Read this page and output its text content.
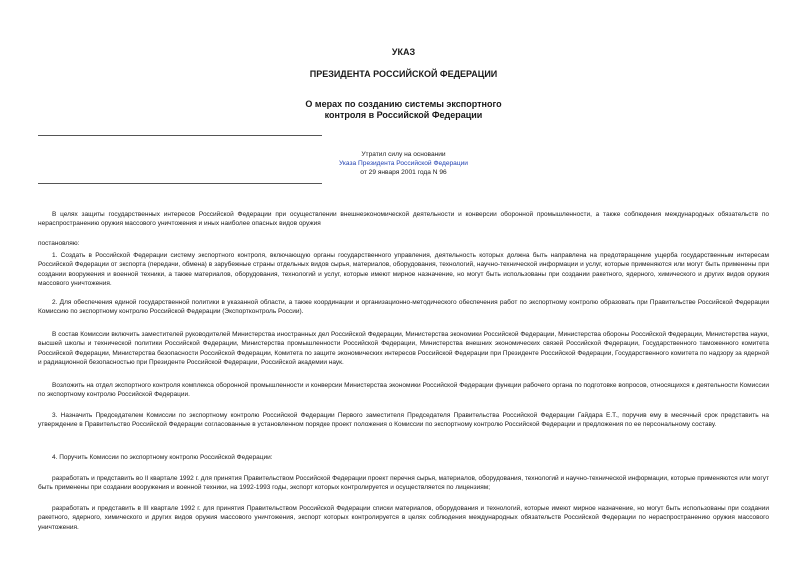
УКАЗ
ПРЕЗИДЕНТА РОССИЙСКОЙ ФЕДЕРАЦИИ
О мерах по созданию системы экспортного
контроля в Российской Федерации
Утратил силу на основании
Указа Президента Российской Федерации
от 29 января 2001 года N 96

В целях защиты государственных интересов Российской Федерации при осуществлении внешнеэкономической деятельности и конверсии оборонной промышленности, а также соблюдения международных обязательств по нераспространению оружия массового уничтожения и иных наиболее опасных видов оружия

постановляю:

1. Создать в Российской Федерации систему экспортного контроля, включающую органы государственного управления, деятельность которых должна быть направлена на предотвращение ущерба государственным интересам Российской Федерации от экспорта (передачи, обмена) в зарубежные страны отдельных видов сырья, материалов, оборудования, технологий, научно-технической информации и услуг, которые применяются или могут быть применены при создании вооружения и военной техники, а также материалов, оборудования, технологий и услуг, которые имеют мирное назначение, но могут быть использованы при создании ракетного, ядерного, химического и других видов оружия массового уничтожения.

2. Для обеспечения единой государственной политики в указанной области, а также координации и организационно-методического обеспечения работ по экспортному контролю образовать при Правительстве Российской Федерации Комиссию по экспортному контролю Российской Федерации (Экспортконтроль России).

В состав Комиссии включить заместителей руководителей Министерства иностранных дел Российской Федерации, Министерства экономики Российской Федерации, Министерства обороны Российской Федерации, Министерства науки, высшей школы и технической политики Российской Федерации, Министерства промышленности Российской Федерации, Министерства внешних экономических связей Российской Федерации, Государственного таможенного комитета Российской Федерации, Министерства безопасности Российской Федерации, Комитета по защите экономических интересов Российской Федерации при Президенте Российской Федерации, Государственного комитета по надзору за ядерной и радиационной безопасностью при Президенте Российской Федерации, Российской академии наук.

Возложить на отдел экспортного контроля комплекса оборонной промышленности и конверсии Министерства экономики Российской Федерации функции рабочего органа по подготовке вопросов, относящихся к деятельности Комиссии по экспортному контролю Российской Федерации.

3. Назначить Председателем Комиссии по экспортному контролю Российской Федерации Первого заместителя Председателя Правительства Российской Федерации Гайдара Е.Т., поручив ему в месячный срок представить на утверждение в Правительство Российской Федерации согласованные в установленном порядке проект положения о Комиссии по экспортному контролю Российской Федерации и предложения по ее персональному составу.

4. Поручить Комиссии по экспортному контролю Российской Федерации:

разработать и представить во II квартале 1992 г. для принятия Правительством Российской Федерации проект перечня сырья, материалов, оборудования, технологий и научно-технической информации, которые применяются или могут быть применены при создании вооружения и военной техники, на 1992-1993 годы, экспорт которых контролируется и осуществляется по лицензиям;

разработать и представить в III квартале 1992 г. для принятия Правительством Российской Федерации списки материалов, оборудования и технологий, которые имеют мирное назначение, но могут быть использованы при создании ракетного, ядерного, химического и других видов оружия массового уничтожения, экспорт которых контролируется в целях соблюдения международных обязательств Российской Федерации по нераспространению оружия массового уничтожения.
